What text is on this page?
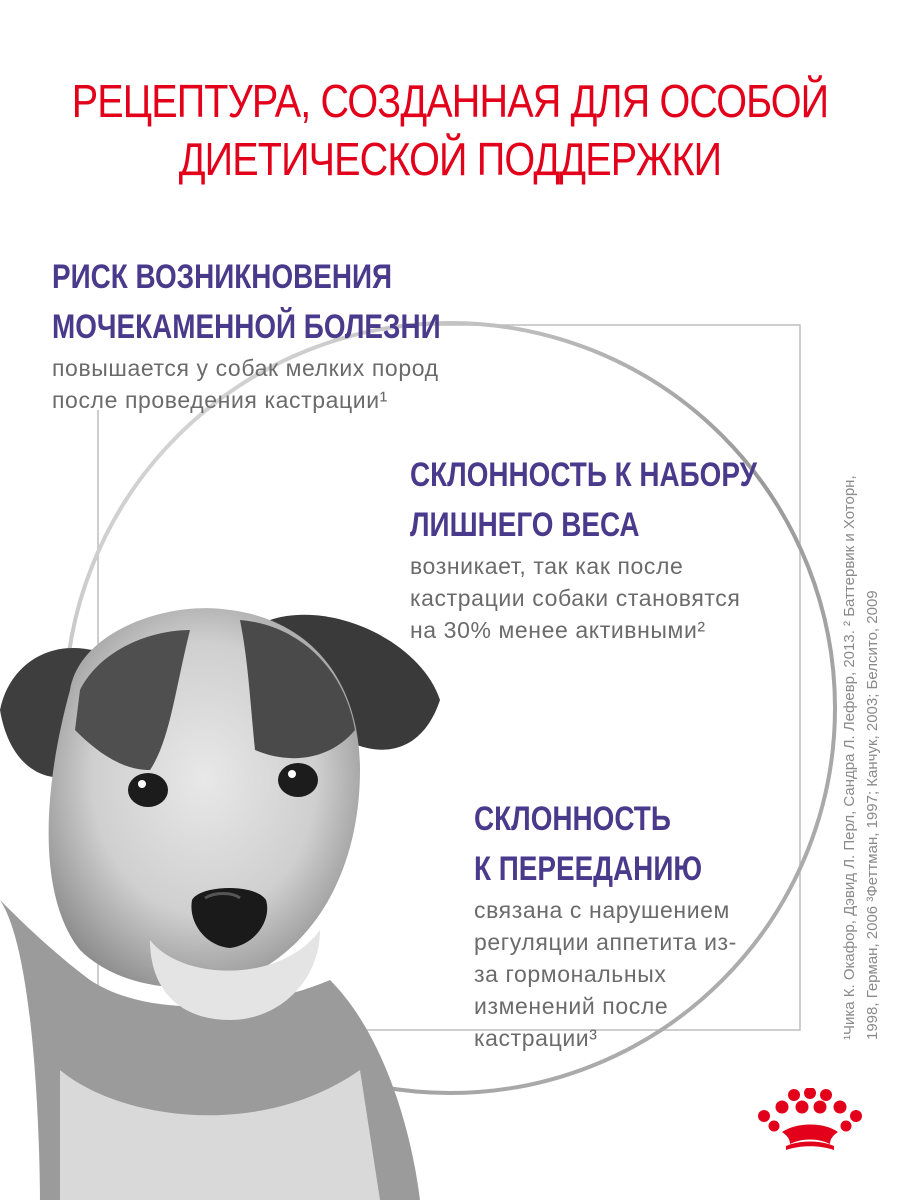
РЕЦЕПТУРА, СОЗДАННАЯ ДЛЯ ОСОБОЙ
ДИЕТИЧЕСКОЙ ПОДДЕРЖКИ
РИСК ВОЗНИКНОВЕНИЯ
МОЧЕКАМЕННОЙ БОЛЕЗНИ
повышается у собак мелких пород
после проведения кастрации¹
СКЛОННОСТЬ К НАБОРУ
ЛИШНЕГО ВЕСА
возникает, так как после
кастрации собаки становятся
на 30% менее активными²
СКЛОННОСТЬ
К ПЕРЕЕДАНИЮ
связана с нарушением
регуляции аппетита из-
за гормональных
изменений после
кастрации³	¹Чика К. Окафор, Дэвид Л. Перл, Сандра Л. Лефевр, 2013. ² Баттервик и Хоторн, 1998, Герман, 2006 ³Феттман, 1997; Канчук, 2003; Белсито, 2009
